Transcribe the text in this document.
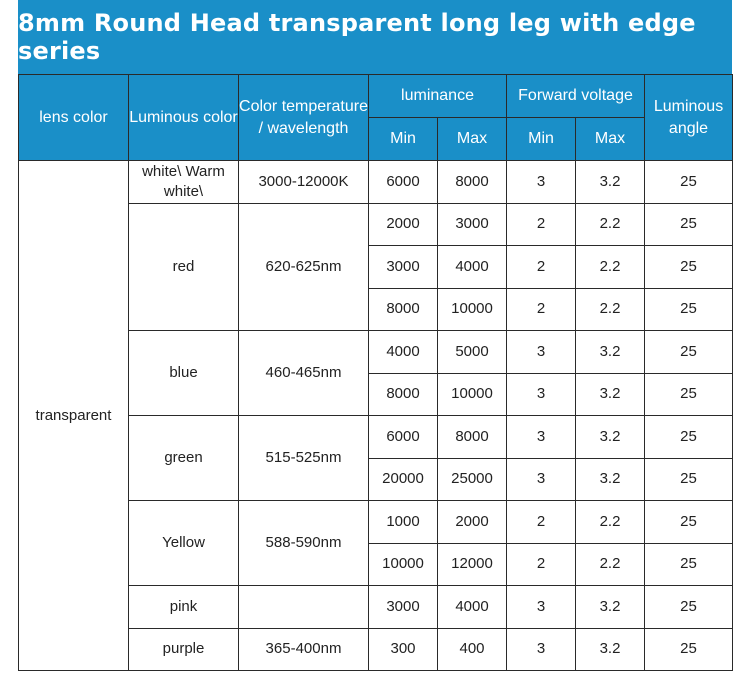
8mm Round Head transparent long leg with edge series
lens color	Luminous color	Color temperature / wavelength	luminance		Forward voltage		Luminous angle
			Min	Max	Min	Max	
transparent	white\ Warm white\	3000-12000K	6000	8000	3	3.2	25
	red	620-625nm	2000	3000	2	2.2	25
			3000	4000	2	2.2	25
			8000	10000	2	2.2	25
	blue	460-465nm	4000	5000	3	3.2	25
			8000	10000	3	3.2	25
	green	515-525nm	6000	8000	3	3.2	25
			20000	25000	3	3.2	25
	Yellow	588-590nm	1000	2000	2	2.2	25
			10000	12000	2	2.2	25
	pink		3000	4000	3	3.2	25
	purple	365-400nm	300	400	3	3.2	25
